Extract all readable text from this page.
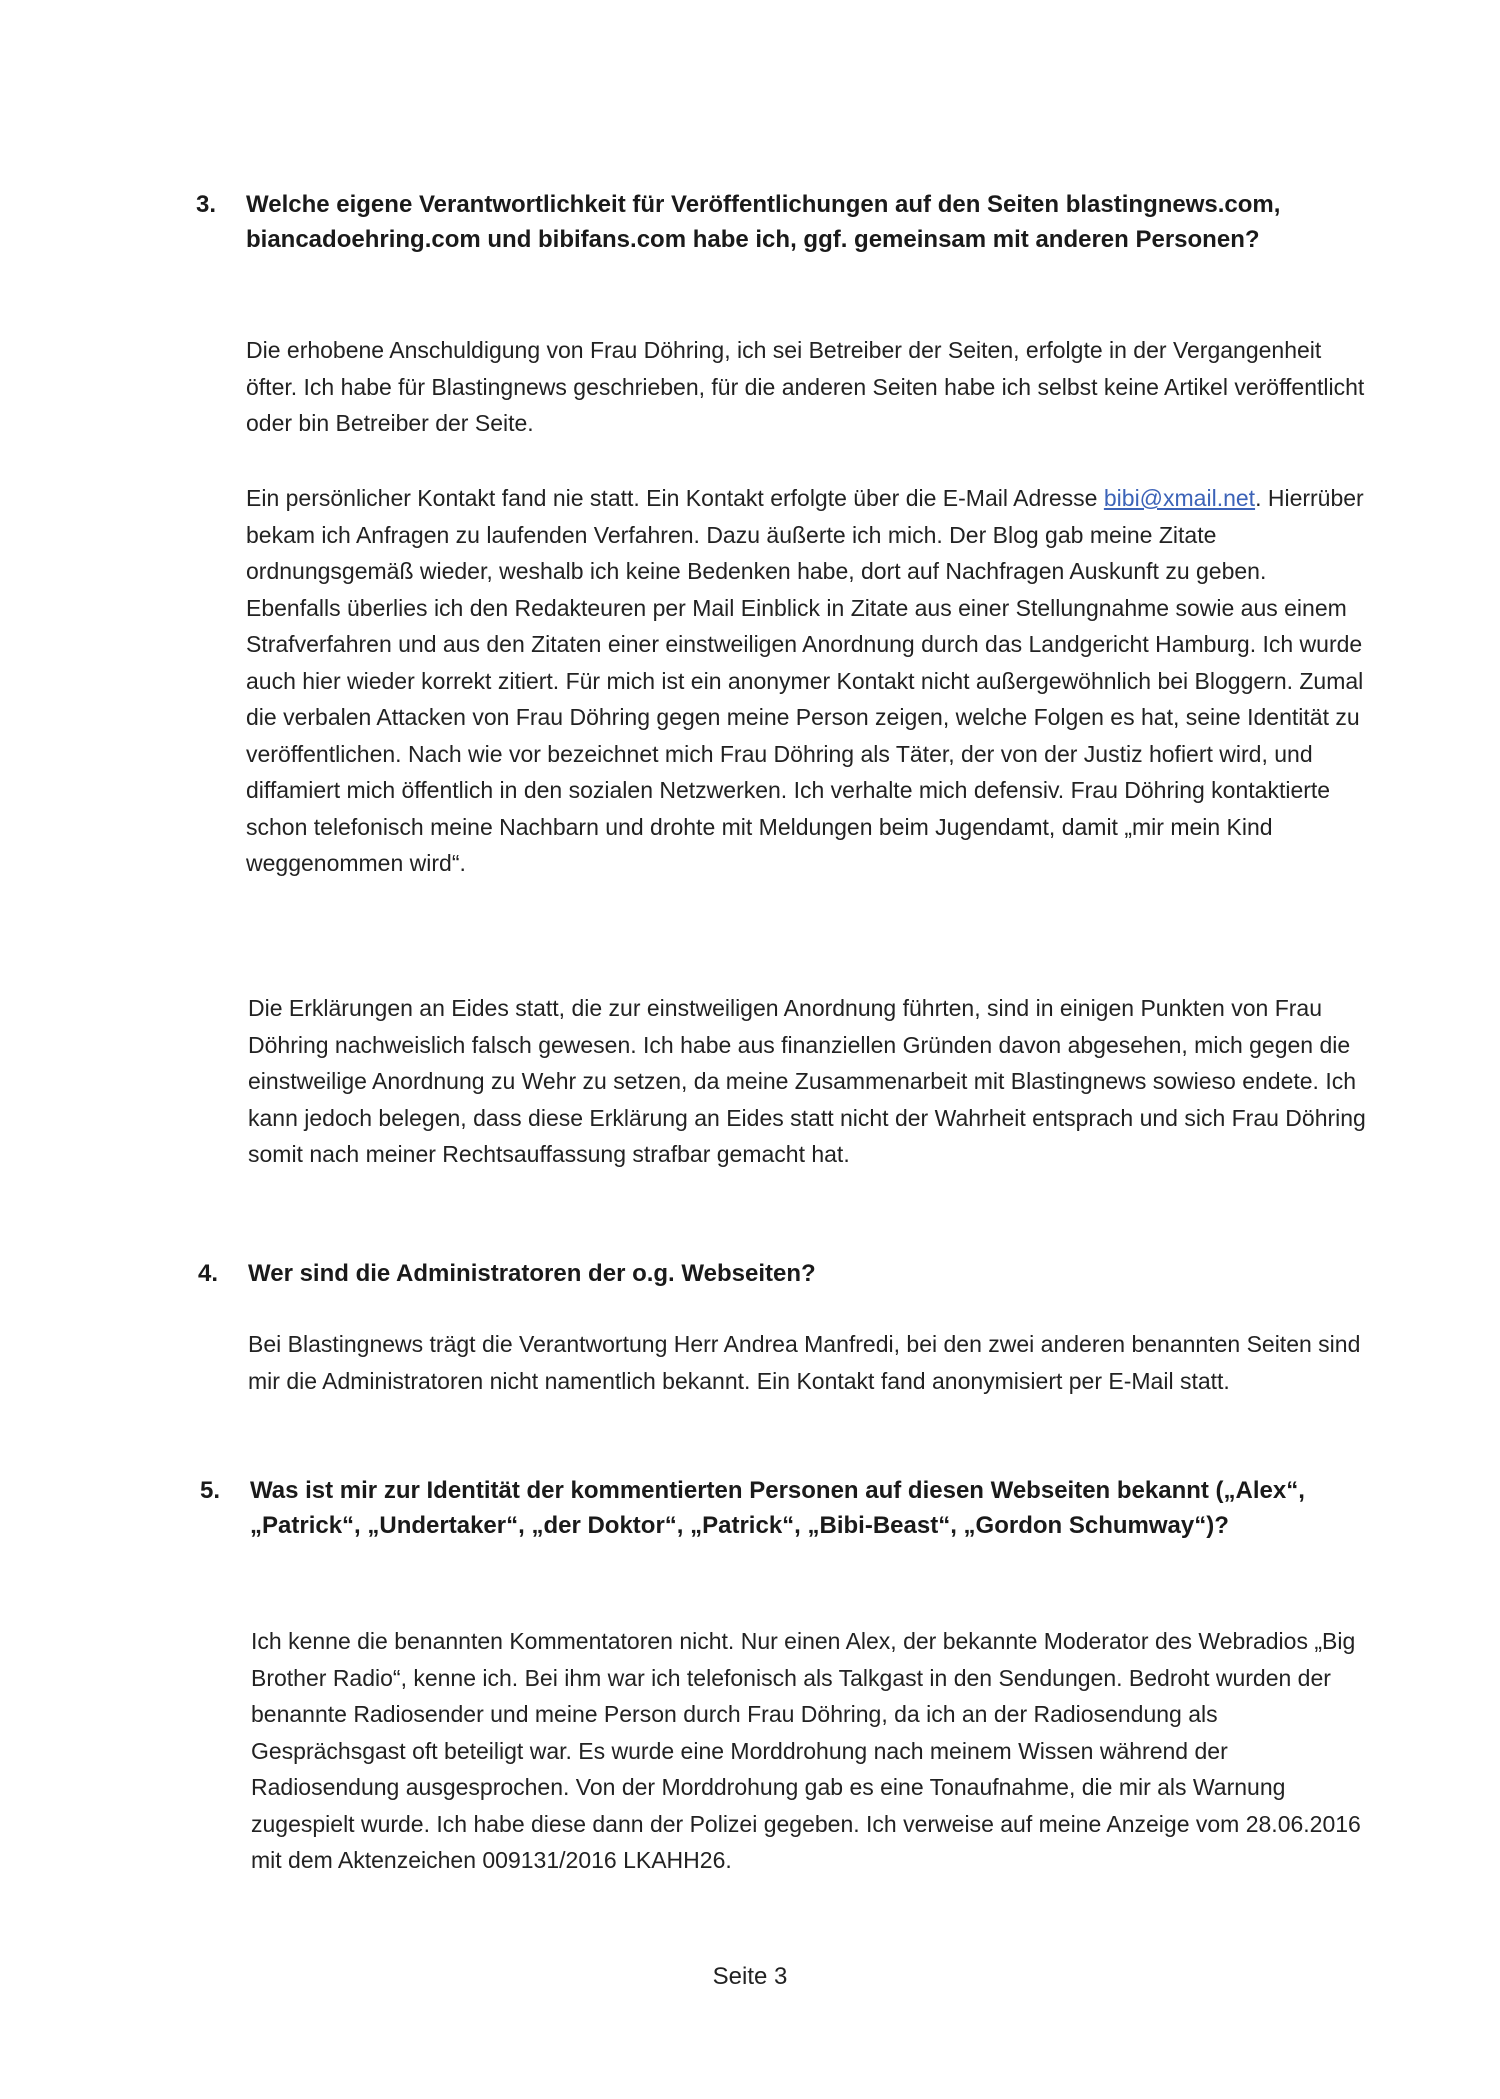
3.	Welche eigene Verantwortlichkeit für Veröffentlichungen auf den Seiten blastingnews.com, biancadoehring.com und bibifans.com habe ich, ggf. gemeinsam mit anderen Personen?
Die erhobene Anschuldigung von Frau Döhring, ich sei Betreiber der Seiten, erfolgte in der Vergangenheit öfter. Ich habe für Blastingnews geschrieben, für die anderen Seiten habe ich selbst keine Artikel veröffentlicht oder bin Betreiber der Seite.
Ein persönlicher Kontakt fand nie statt. Ein Kontakt erfolgte über die E-Mail Adresse bibi@xmail.net. Hierrüber bekam ich Anfragen zu laufenden Verfahren. Dazu äußerte ich mich. Der Blog gab meine Zitate ordnungsgemäß wieder, weshalb ich keine Bedenken habe, dort auf Nachfragen Auskunft zu geben. Ebenfalls überlies ich den Redakteuren per Mail Einblick in Zitate aus einer Stellungnahme sowie aus einem Strafverfahren und aus den Zitaten einer einstweiligen Anordnung durch das Landgericht Hamburg. Ich wurde auch hier wieder korrekt zitiert. Für mich ist ein anonymer Kontakt nicht außergewöhnlich bei Bloggern. Zumal die verbalen Attacken von Frau Döhring gegen meine Person zeigen, welche Folgen es hat, seine Identität zu veröffentlichen. Nach wie vor bezeichnet mich Frau Döhring als Täter, der von der Justiz hofiert wird, und diffamiert mich öffentlich in den sozialen Netzwerken. Ich verhalte mich defensiv. Frau Döhring kontaktierte schon telefonisch meine Nachbarn und drohte mit Meldungen beim Jugendamt, damit „mir mein Kind weggenommen wird“.
Die Erklärungen an Eides statt, die zur einstweiligen Anordnung führten, sind in einigen Punkten von Frau Döhring nachweislich falsch gewesen. Ich habe aus finanziellen Gründen davon abgesehen, mich gegen die einstweilige Anordnung zu Wehr zu setzen, da meine Zusammenarbeit mit Blastingnews sowieso endete. Ich kann jedoch belegen, dass diese Erklärung an Eides statt nicht der Wahrheit entsprach und sich Frau Döhring somit nach meiner Rechtsauffassung strafbar gemacht hat.
4.	Wer sind die Administratoren der o.g. Webseiten?
Bei Blastingnews trägt die Verantwortung Herr Andrea Manfredi, bei den zwei anderen benannten Seiten sind mir die Administratoren nicht namentlich bekannt. Ein Kontakt fand anonymisiert per E-Mail statt.
5.	Was ist mir zur Identität der kommentierten Personen auf diesen Webseiten bekannt („Alex“, „Patrick“, „Undertaker“, „der Doktor“, „Patrick“, „Bibi-Beast“, „Gordon Schumway“)?
Ich kenne die benannten Kommentatoren nicht. Nur einen Alex, der bekannte Moderator des Webradios „Big Brother Radio“, kenne ich. Bei ihm war ich telefonisch als Talkgast in den Sendungen. Bedroht wurden der benannte Radiosender und meine Person durch Frau Döhring, da ich an der Radiosendung als Gesprächsgast oft beteiligt war. Es wurde eine Morddrohung nach meinem Wissen während der Radiosendung ausgesprochen. Von der Morddrohung gab es eine Tonaufnahme, die mir als Warnung zugespielt wurde. Ich habe diese dann der Polizei gegeben. Ich verweise auf meine Anzeige vom 28.06.2016 mit dem Aktenzeichen 009131/2016 LKAHH26.
Seite 3
